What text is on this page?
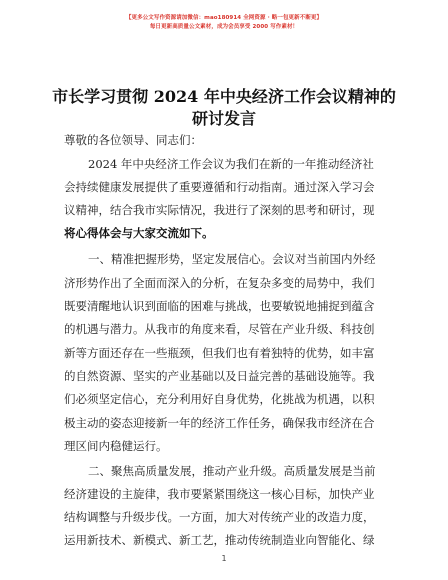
【更多公文写作资源请加微信：mao180914 全网资源 · 略一包更新不断更】
每日更新高质量公文素材，成为会员享受 2000 写作素材！
市长学习贯彻 2024 年中央经济工作会议精神的
研讨发言
尊敬的各位领导、同志们：
2024 年中央经济工作会议为我们在新的一年推动经济社
会持续健康发展提供了重要遵循和行动指南。通过深入学习会
议精神，结合我市实际情况，我进行了深刻的思考和研讨，现
将心得体会与大家交流如下。
一、精准把握形势，坚定发展信心。会议对当前国内外经
济形势作出了全面而深入的分析，在复杂多变的局势中，我们
既要清醒地认识到面临的困难与挑战，也要敏锐地捕捉到蕴含
的机遇与潜力。从我市的角度来看，尽管在产业升级、科技创
新等方面还存在一些瓶颈，但我们也有着独特的优势，如丰富
的自然资源、坚实的产业基础以及日益完善的基础设施等。我
们必须坚定信心，充分利用好自身优势，化挑战为机遇，以积
极主动的姿态迎接新一年的经济工作任务，确保我市经济在合
理区间内稳健运行。
二、聚焦高质量发展，推动产业升级。高质量发展是当前
经济建设的主旋律，我市要紧紧围绕这一核心目标，加快产业
结构调整与升级步伐。一方面，加大对传统产业的改造力度，
运用新技术、新模式、新工艺，推动传统制造业向智能化、绿
1
